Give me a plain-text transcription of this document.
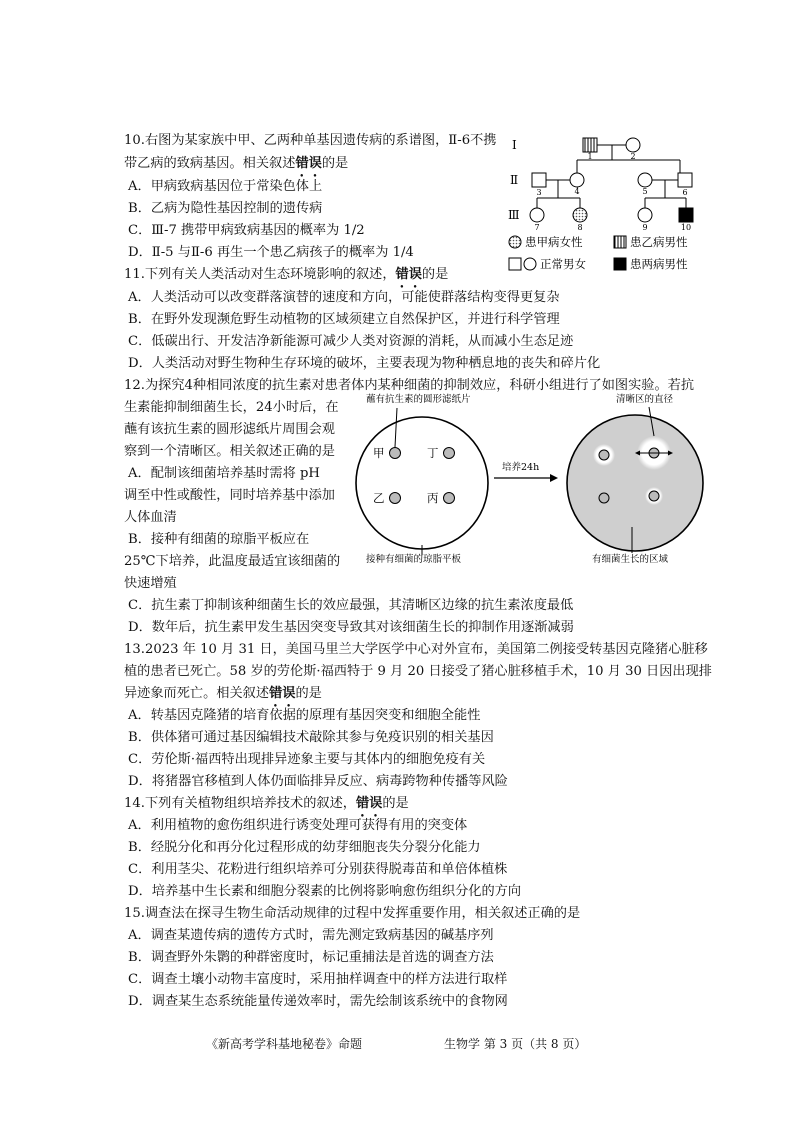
10.右图为某家族中甲、乙两种单基因遗传病的系谱图，Ⅱ-6不携
带乙病的致病基因。相关叙述错误的是
A．甲病致病基因位于常染色体上
B．乙病为隐性基因控制的遗传病
C．Ⅲ-7 携带甲病致病基因的概率为 1/2
D．Ⅱ-5 与Ⅱ-6 再生一个患乙病孩子的概率为 1/4
Ⅰ
Ⅱ
Ⅲ
1	2
3	4	5	6
7	8	9	10
患甲病女性	患乙病男性
正常男女	患两病男性
11.下列有关人类活动对生态环境影响的叙述，错误的是
A．人类活动可以改变群落演替的速度和方向，可能使群落结构变得更复杂
B．在野外发现濒危野生动植物的区域须建立自然保护区，并进行科学管理
C．低碳出行、开发洁净新能源可减少人类对资源的消耗，从而减小生态足迹
D．人类活动对野生物种生存环境的破坏，主要表现为物种栖息地的丧失和碎片化
12.为探究4种相同浓度的抗生素对患者体内某种细菌的抑制效应，科研小组进行了如图实验。若抗
生素能抑制细菌生长，24小时后，在
蘸有该抗生素的圆形滤纸片周围会观
察到一个清晰区。相关叙述正确的是
A．配制该细菌培养基时需将 pH
调至中性或酸性，同时培养基中添加
人体血清
B．接种有细菌的琼脂平板应在
25℃下培养，此温度最适宜该细菌的
快速增殖
C．抗生素丁抑制该种细菌生长的效应最强，其清晰区边缘的抗生素浓度最低
D．数年后，抗生素甲发生基因突变导致其对该细菌生长的抑制作用逐渐减弱
甲	丁
乙	丙
蘸有抗生素的圆形滤纸片
接种有细菌的琼脂平板
培养24h
清晰区的直径
有细菌生长的区域
13.2023 年 10 月 31 日，美国马里兰大学医学中心对外宣布，美国第二例接受转基因克隆猪心脏移
植的患者已死亡。58 岁的劳伦斯·福西特于 9 月 20 日接受了猪心脏移植手术，10 月 30 日因出现排
异迹象而死亡。相关叙述错误的是
A．转基因克隆猪的培育依据的原理有基因突变和细胞全能性
B．供体猪可通过基因编辑技术敲除其参与免疫识别的相关基因
C．劳伦斯·福西特出现排异迹象主要与其体内的细胞免疫有关
D．将猪器官移植到人体仍面临排异反应、病毒跨物种传播等风险
14.下列有关植物组织培养技术的叙述，错误的是
A．利用植物的愈伤组织进行诱变处理可获得有用的突变体
B．经脱分化和再分化过程形成的幼芽细胞丧失分裂分化能力
C．利用茎尖、花粉进行组织培养可分别获得脱毒苗和单倍体植株
D．培养基中生长素和细胞分裂素的比例将影响愈伤组织分化的方向
15.调查法在探寻生物生命活动规律的过程中发挥重要作用，相关叙述正确的是
A．调查某遗传病的遗传方式时，需先测定致病基因的碱基序列
B．调查野外朱鹮的种群密度时，标记重捕法是首选的调查方法
C．调查土壤小动物丰富度时，采用抽样调查中的样方法进行取样
D．调查某生态系统能量传递效率时，需先绘制该系统中的食物网
《新高考学科基地秘卷》命题	生物学 第 3 页（共 8 页）
